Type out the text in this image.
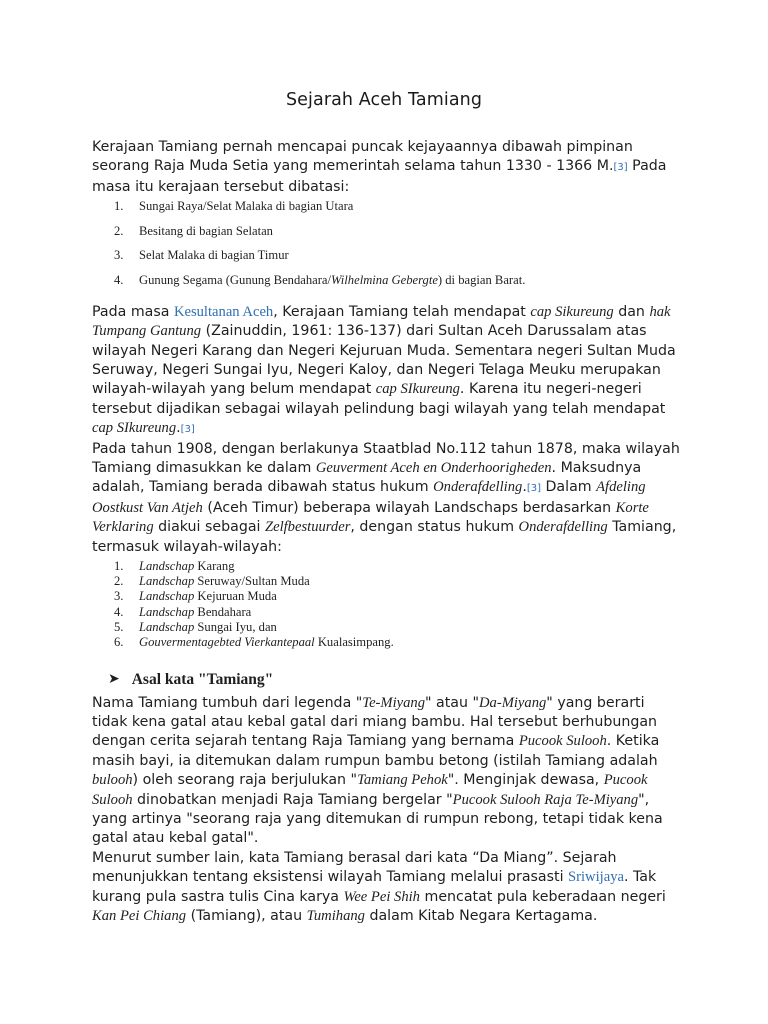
Sejarah Aceh Tamiang

Kerajaan Tamiang pernah mencapai puncak kejayaannya dibawah pimpinan seorang Raja Muda Setia yang memerintah selama tahun 1330 - 1366 M.[3] Pada masa itu kerajaan tersebut dibatasi:

1. Sungai Raya/Selat Malaka di bagian Utara
2. Besitang di bagian Selatan
3. Selat Malaka di bagian Timur
4. Gunung Segama (Gunung Bendahara/Wilhelmina Gebergte) di bagian Barat.

Pada masa Kesultanan Aceh, Kerajaan Tamiang telah mendapat cap Sikureung dan hak Tumpang Gantung (Zainuddin, 1961: 136-137) dari Sultan Aceh Darussalam atas wilayah Negeri Karang dan Negeri Kejuruan Muda. Sementara negeri Sultan Muda Seruway, Negeri Sungai Iyu, Negeri Kaloy, dan Negeri Telaga Meuku merupakan wilayah-wilayah yang belum mendapat cap SIkureung. Karena itu negeri-negeri tersebut dijadikan sebagai wilayah pelindung bagi wilayah yang telah mendapat cap SIkureung.[3]

Pada tahun 1908, dengan berlakunya Staatblad No.112 tahun 1878, maka wilayah Tamiang dimasukkan ke dalam Geuverment Aceh en Onderhoorigheden. Maksudnya adalah, Tamiang berada dibawah status hukum Onderafdelling.[3] Dalam Afdeling Oostkust Van Atjeh (Aceh Timur) beberapa wilayah Landschaps berdasarkan Korte Verklaring diakui sebagai Zelfbestuurder, dengan status hukum Onderafdelling Tamiang, termasuk wilayah-wilayah:

1. Landschap Karang
2. Landschap Seruway/Sultan Muda
3. Landschap Kejuruan Muda
4. Landschap Bendahara
5. Landschap Sungai Iyu, dan
6. Gouvermentagebted Vierkantepaal Kualasimpang.
➤ Asal kata "Tamiang"

Nama Tamiang tumbuh dari legenda "Te-Miyang" atau "Da-Miyang" yang berarti tidak kena gatal atau kebal gatal dari miang bambu. Hal tersebut berhubungan dengan cerita sejarah tentang Raja Tamiang yang bernama Pucook Sulooh. Ketika masih bayi, ia ditemukan dalam rumpun bambu betong (istilah Tamiang adalah bulooh) oleh seorang raja berjulukan "Tamiang Pehok". Menginjak dewasa, Pucook Sulooh dinobatkan menjadi Raja Tamiang bergelar "Pucook Sulooh Raja Te-Miyang", yang artinya "seorang raja yang ditemukan di rumpun rebong, tetapi tidak kena gatal atau kebal gatal".

Menurut sumber lain, kata Tamiang berasal dari kata “Da Miang”. Sejarah menunjukkan tentang eksistensi wilayah Tamiang melalui prasasti Sriwijaya. Tak kurang pula sastra tulis Cina karya Wee Pei Shih mencatat pula keberadaan negeri Kan Pei Chiang (Tamiang), atau Tumihang dalam Kitab Negara Kertagama.
